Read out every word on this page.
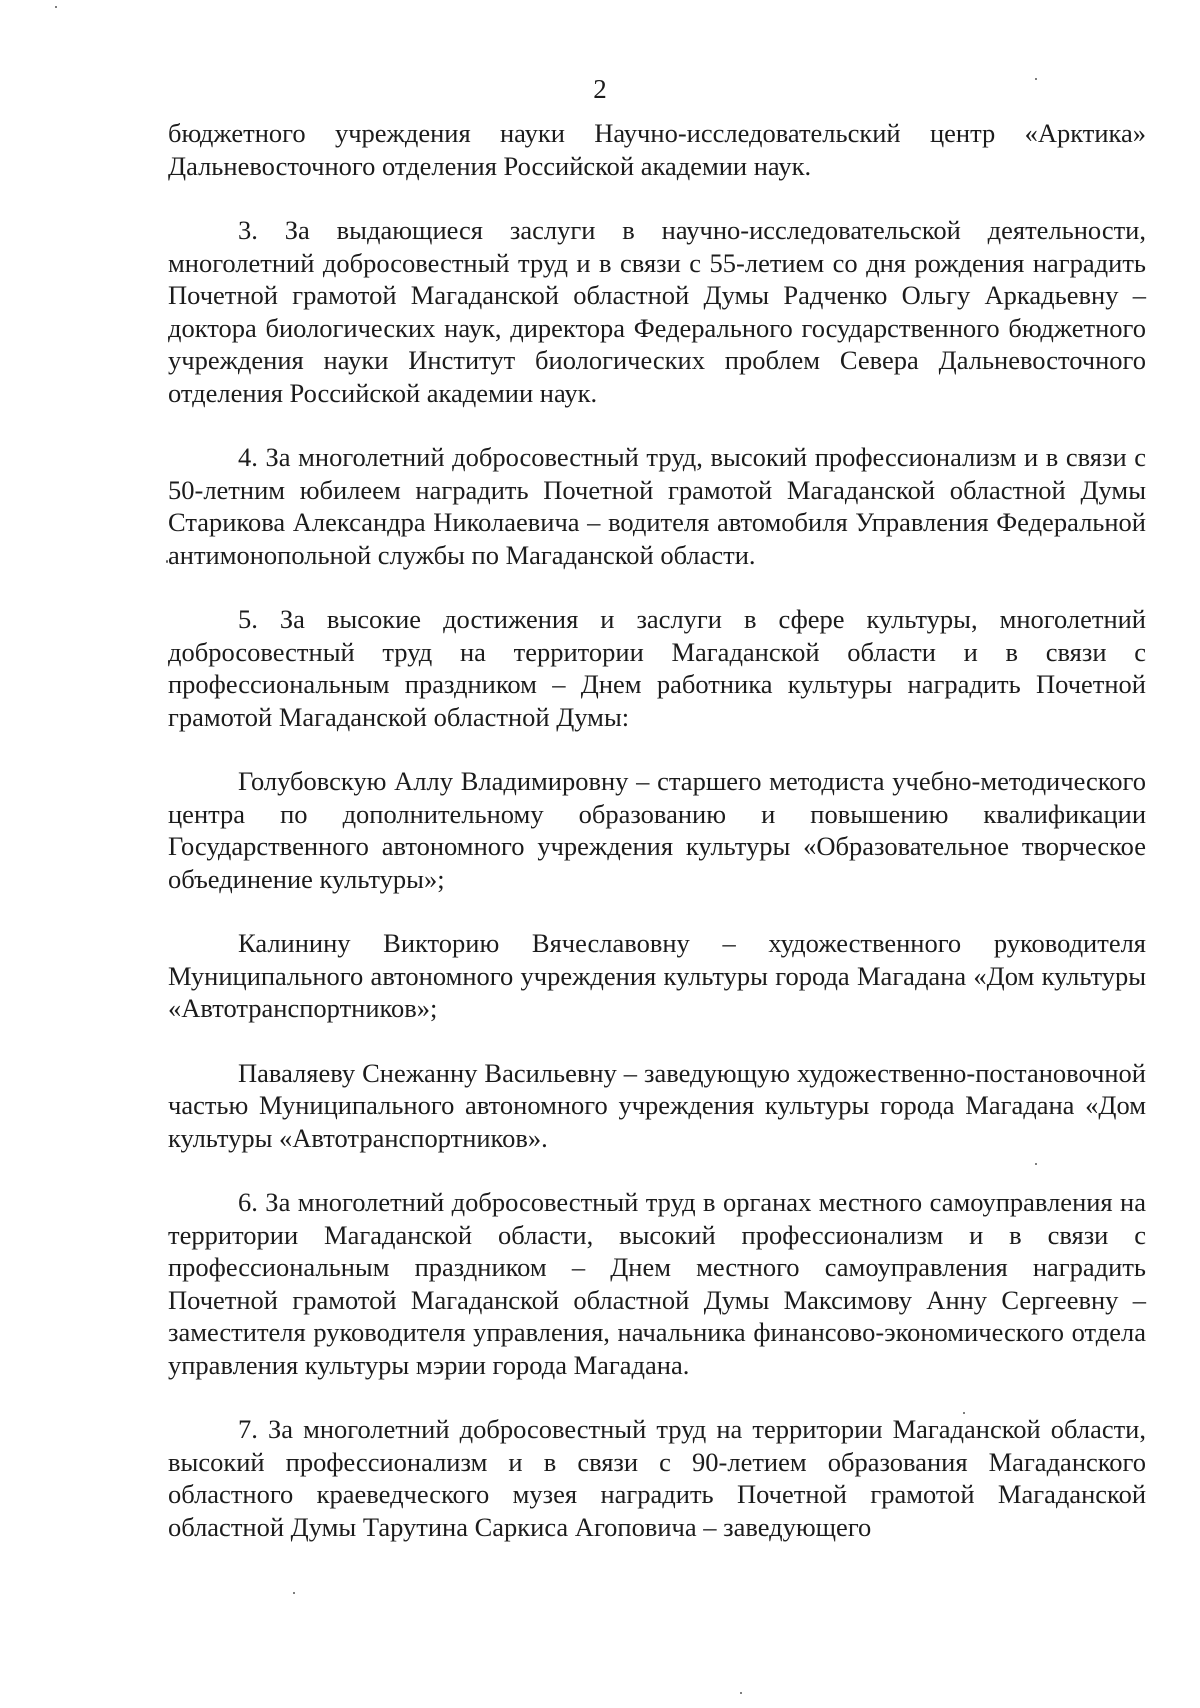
2

бюджетного учреждения науки Научно-исследовательский центр «Арктика» Дальневосточного отделения Российской академии наук.

3. За выдающиеся заслуги в научно-исследовательской деятельности, многолетний добросовестный труд и в связи с 55-летием со дня рождения наградить Почетной грамотой Магаданской областной Думы Радченко Ольгу Аркадьевну – доктора биологических наук, директора Федерального государственного бюджетного учреждения науки Институт биологических проблем Севера Дальневосточного отделения Российской академии наук.

4. За многолетний добросовестный труд, высокий профессионализм и в связи с 50-летним юбилеем наградить Почетной грамотой Магаданской областной Думы Старикова Александра Николаевича – водителя автомобиля Управления Федеральной антимонопольной службы по Магаданской области.

5. За высокие достижения и заслуги в сфере культуры, многолетний добросовестный труд на территории Магаданской области и в связи с профессиональным праздником – Днем работника культуры наградить Почетной грамотой Магаданской областной Думы:

Голубовскую Аллу Владимировну – старшего методиста учебно-методического центра по дополнительному образованию и повышению квалификации Государственного автономного учреждения культуры «Образовательное творческое объединение культуры»;

Калинину Викторию Вячеславовну – художественного руководителя Муниципального автономного учреждения культуры города Магадана «Дом культуры «Автотранспортников»;

Паваляеву Снежанну Васильевну – заведующую художественно-постановочной частью Муниципального автономного учреждения культуры города Магадана «Дом культуры «Автотранспортников».

6. За многолетний добросовестный труд в органах местного самоуправления на территории Магаданской области, высокий профессионализм и в связи с профессиональным праздником – Днем местного самоуправления наградить Почетной грамотой Магаданской областной Думы Максимову Анну Сергеевну – заместителя руководителя управления, начальника финансово-экономического отдела управления культуры мэрии города Магадана.

7. За многолетний добросовестный труд на территории Магаданской области, высокий профессионализм и в связи с 90-летием образования Магаданского областного краеведческого музея наградить Почетной грамотой Магаданской областной Думы Тарутина Саркиса Агоповича – заведующего
